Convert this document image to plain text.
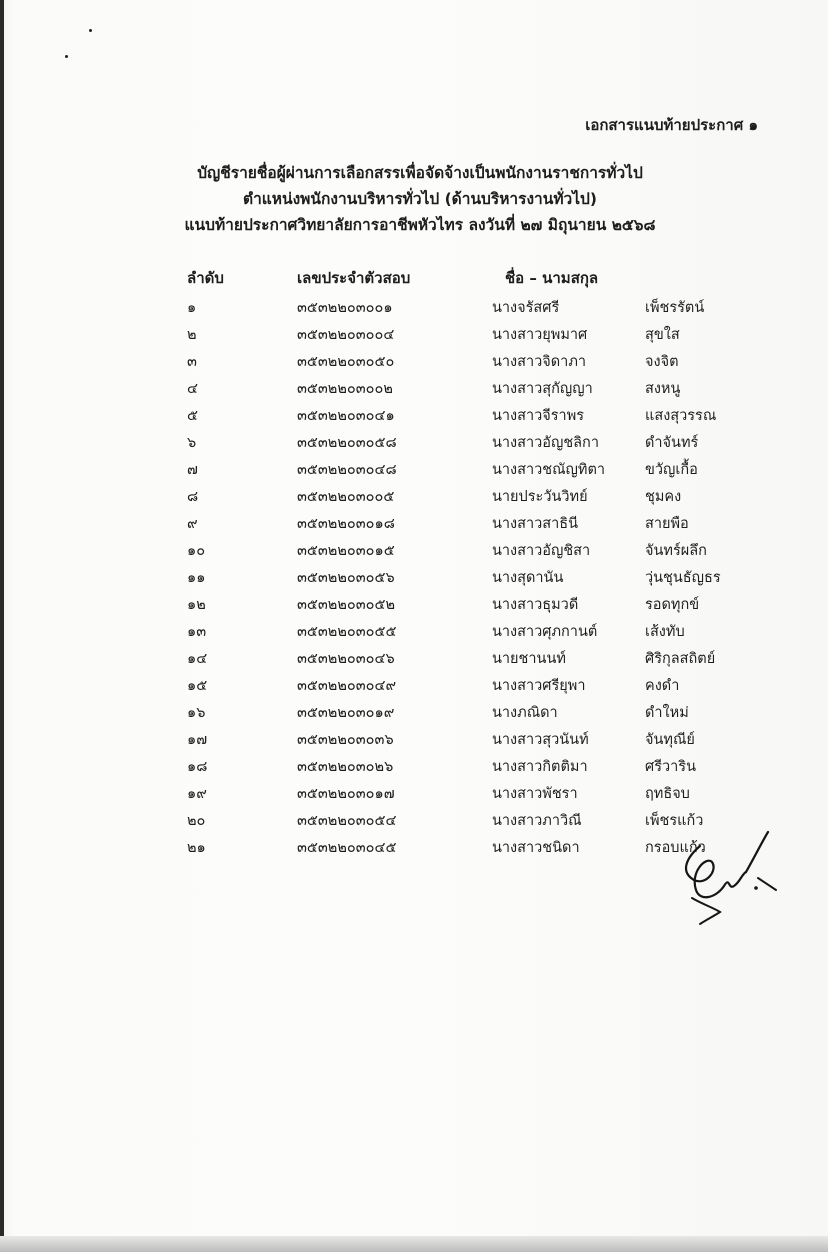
เอกสารแนบท้ายประกาศ ๑
บัญชีรายชื่อผู้ผ่านการเลือกสรรเพื่อจัดจ้างเป็นพนักงานราชการทั่วไป
ตำแหน่งพนักงานบริหารทั่วไป (ด้านบริหารงานทั่วไป)
แนบท้ายประกาศวิทยาลัยการอาชีพหัวไทร ลงวันที่ ๒๗ มิถุนายน ๒๕๖๘
ลำดับ	เลขประจำตัวสอบ	ชื่อ – นามสกุล
๑	๓๕๓๒๒๐๓๐๐๑	นางจรัสศรี	เพ็ชรรัตน์
๒	๓๕๓๒๒๐๓๐๐๔	นางสาวยุพมาศ	สุขใส
๓	๓๕๓๒๒๐๓๐๕๐	นางสาวจิดาภา	จงจิต
๔	๓๕๓๒๒๐๓๐๐๒	นางสาวสุกัญญา	สงหนู
๕	๓๕๓๒๒๐๓๐๔๑	นางสาวจีราพร	แสงสุวรรณ
๖	๓๕๓๒๒๐๓๐๕๘	นางสาวอัญชลิกา	ดำจันทร์
๗	๓๕๓๒๒๐๓๐๔๘	นางสาวชณัญทิตา	ขวัญเกื้อ
๘	๓๕๓๒๒๐๓๐๐๕	นายประวันวิทย์	ชุมคง
๙	๓๕๓๒๒๐๓๐๑๘	นางสาวสาธินี	สายพือ
๑๐	๓๕๓๒๒๐๓๐๑๕	นางสาวอัญชิสา	จันทร์ผลึก
๑๑	๓๕๓๒๒๐๓๐๕๖	นางสุดานัน	วุ่นชุนธัญธร
๑๒	๓๕๓๒๒๐๓๐๕๒	นางสาวธุมวดี	รอดทุกข์
๑๓	๓๕๓๒๒๐๓๐๕๕	นางสาวศุภกานต์	เส้งทับ
๑๔	๓๕๓๒๒๐๓๐๔๖	นายชานนท์	ศิริกุลสถิตย์
๑๕	๓๕๓๒๒๐๓๐๔๙	นางสาวศรียุพา	คงดำ
๑๖	๓๕๓๒๒๐๓๐๑๙	นางภณิดา	ดำใหม่
๑๗	๓๕๓๒๒๐๓๐๓๖	นางสาวสุวนันท์	จันทุณีย์
๑๘	๓๕๓๒๒๐๓๐๒๖	นางสาวกิตติมา	ศรีวาริน
๑๙	๓๕๓๒๒๐๓๐๑๗	นางสาวพัชรา	ฤทธิจบ
๒๐	๓๕๓๒๒๐๓๐๕๔	นางสาวภาวิณี	เพ็ชรแก้ว
๒๑	๓๕๓๒๒๐๓๐๔๕	นางสาวชนิดา	กรอบแก้ว
